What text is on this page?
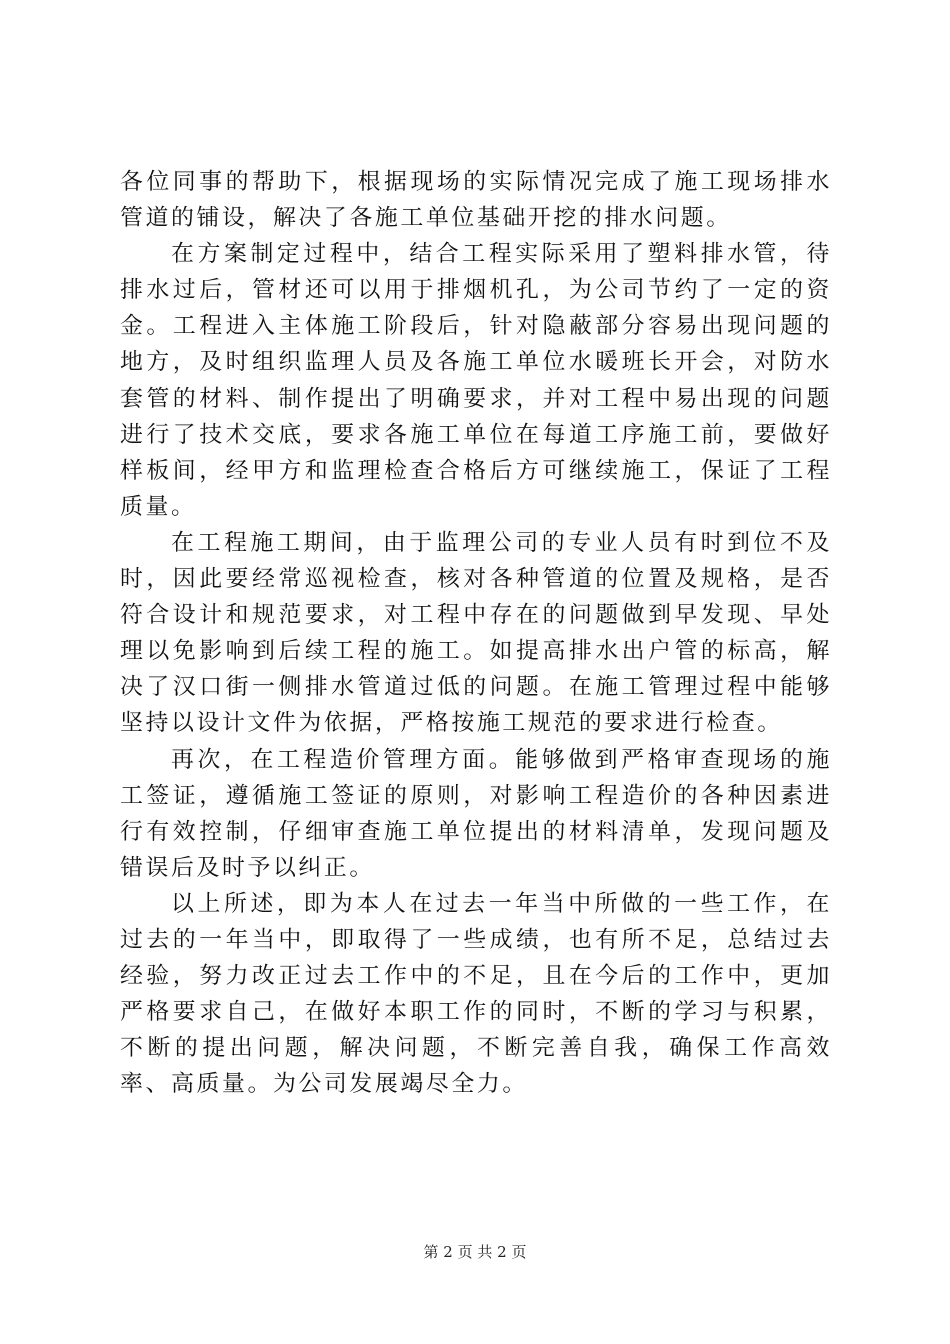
各位同事的帮助下，根据现场的实际情况完成了施工现场排水管道的铺设，解决了各施工单位基础开挖的排水问题。

在方案制定过程中，结合工程实际采用了塑料排水管，待排水过后，管材还可以用于排烟机孔，为公司节约了一定的资金。工程进入主体施工阶段后，针对隐蔽部分容易出现问题的地方，及时组织监理人员及各施工单位水暖班长开会，对防水套管的材料、制作提出了明确要求，并对工程中易出现的问题进行了技术交底，要求各施工单位在每道工序施工前，要做好样板间，经甲方和监理检查合格后方可继续施工，保证了工程质量。

在工程施工期间，由于监理公司的专业人员有时到位不及时，因此要经常巡视检查，核对各种管道的位置及规格，是否符合设计和规范要求，对工程中存在的问题做到早发现、早处理以免影响到后续工程的施工。如提高排水出户管的标高，解决了汉口街一侧排水管道过低的问题。在施工管理过程中能够坚持以设计文件为依据，严格按施工规范的要求进行检查。

再次，在工程造价管理方面。能够做到严格审查现场的施工签证，遵循施工签证的原则，对影响工程造价的各种因素进行有效控制，仔细审查施工单位提出的材料清单，发现问题及错误后及时予以纠正。

以上所述，即为本人在过去一年当中所做的一些工作，在过去的一年当中，即取得了一些成绩，也有所不足，总结过去经验，努力改正过去工作中的不足，且在今后的工作中，更加严格要求自己，在做好本职工作的同时，不断的学习与积累，不断的提出问题，解决问题，不断完善自我，确保工作高效率、高质量。为公司发展竭尽全力。

第 2 页 共 2 页
